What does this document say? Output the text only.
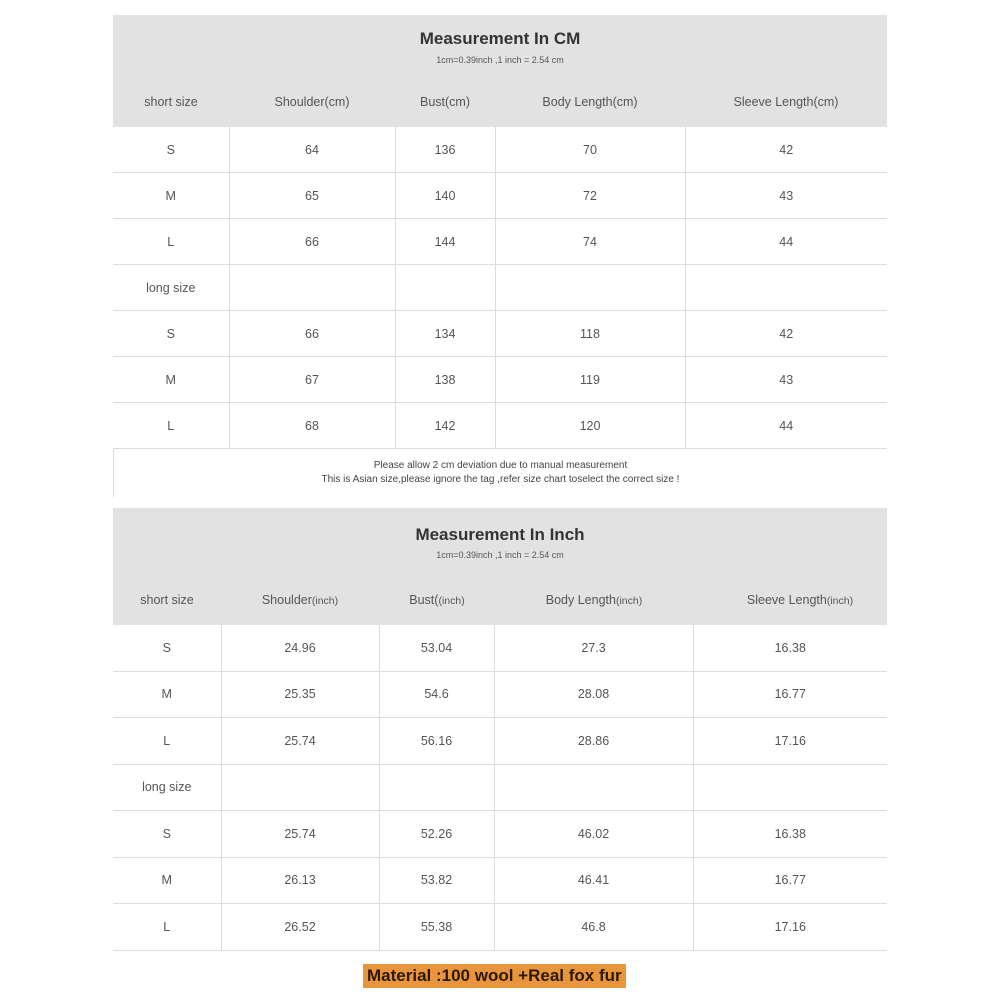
Measurement In CM
1cm=0.39inch ,1 inch = 2.54 cm
short size	Shoulder(cm)	Bust(cm)	Body Length(cm)	Sleeve Length(cm)
S	64	136	70	42
M	65	140	72	43
L	66	144	74	44
long size				
S	66	134	118	42
M	67	138	119	43
L	68	142	120	44
Please allow 2 cm deviation due to manual measurement
This is Asian size,please ignore the tag ,refer size chart toselect the correct size !
Measurement In Inch
1cm=0.39inch ,1 inch = 2.54 cm
short size	Shoulder(inch)	Bust((inch)	Body Length(inch)	Sleeve Length(inch)
S	24.96	53.04	27.3	16.38
M	25.35	54.6	28.08	16.77
L	25.74	56.16	28.86	17.16
long size				
S	25.74	52.26	46.02	16.38
M	26.13	53.82	46.41	16.77
L	26.52	55.38	46.8	17.16
Material :100 wool +Real fox fur
